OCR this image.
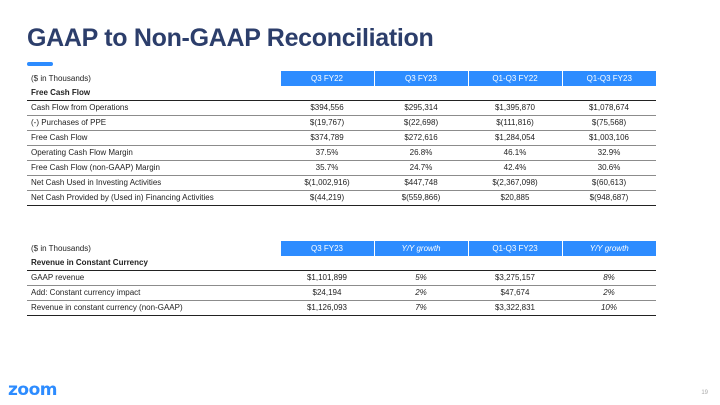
GAAP to Non-GAAP Reconciliation
($ in Thousands)	Q3 FY22	Q3 FY23	Q1-Q3 FY22	Q1-Q3 FY23
Free Cash Flow				
Cash Flow from Operations	$394,556	$295,314	$1,395,870	$1,078,674
(-) Purchases of PPE	$(19,767)	$(22,698)	$(111,816)	$(75,568)
Free Cash Flow	$374,789	$272,616	$1,284,054	$1,003,106
Operating Cash Flow Margin	37.5%	26.8%	46.1%	32.9%
Free Cash Flow (non-GAAP) Margin	35.7%	24.7%	42.4%	30.6%
Net Cash Used in Investing Activities	$(1,002,916)	$447,748	$(2,367,098)	$(60,613)
Net Cash Provided by (Used in) Financing Activities	$(44,219)	$(559,866)	$20,885	$(948,687)
($ in Thousands)	Q3 FY23	Y/Y growth	Q1-Q3 FY23	Y/Y growth
Revenue in Constant Currency				
GAAP revenue	$1,101,899	5%	$3,275,157	8%
Add: Constant currency impact	$24,194	2%	$47,674	2%
Revenue in constant currency (non-GAAP)	$1,126,093	7%	$3,322,831	10%
zoom	19
